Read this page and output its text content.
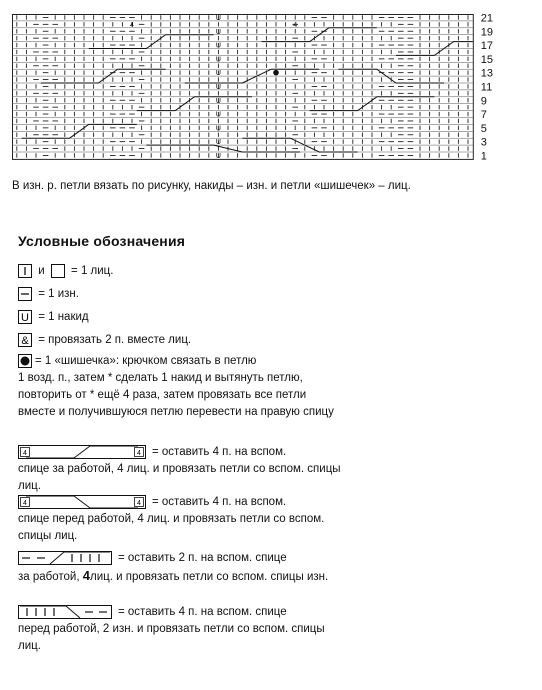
U
U
U
U
U
U
U
U
U
U
U
4	4
21
19
17
15
13
11
9
7
5
3
1
В изн. р. петли вязать по рисунку, накиды – изн. и петли «шишечек» – лиц.
Условные обозначения
и = 1 лиц.
= 1 изн.
U = 1 накид
& = провязать 2 п. вместе лиц.
= 1 «шишечка»: крючком связать в петлю
1 возд. п., затем * сделать 1 накид и вытянуть петлю, повторить от * ещё 4 раза, затем провязать все петли вместе и получившуюся петлю перевести на правую спицу
4	4 = оставить 4 п. на вспом.
спице за работой, 4 лиц. и провязать петли со вспом. спицы лиц.
4	4 = оставить 4 п. на вспом.
спице перед работой, 4 лиц. и провязать петли со вспом. спицы лиц.
= оставить 2 п. на вспом. спице
за работой, 4лиц. и провязать петли со вспом. спицы изн.
= оставить 4 п. на вспом. спице
перед работой, 2 изн. и провязать петли со вспом. спицы лиц.
